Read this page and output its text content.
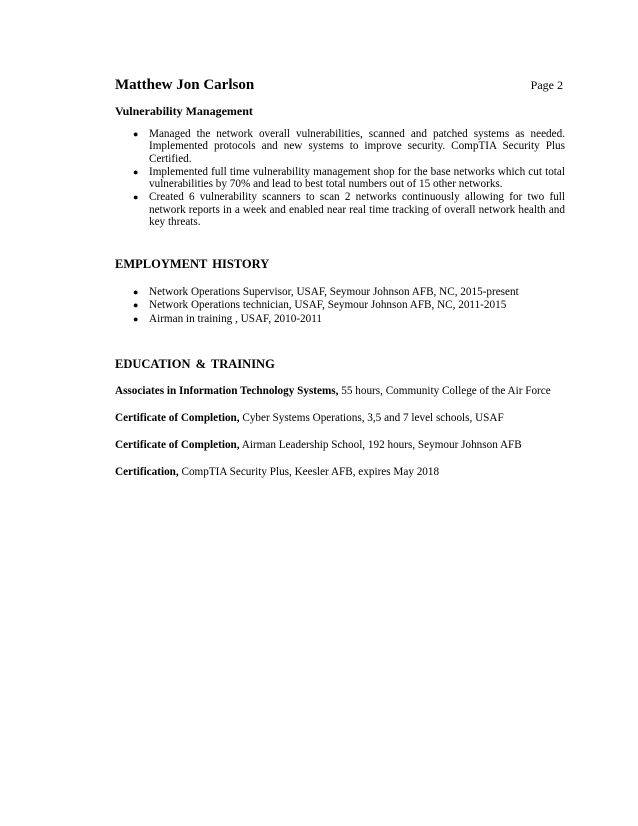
Matthew Jon Carlson	Page 2
Vulnerability Management
● Managed the network overall vulnerabilities, scanned and patched systems as needed. Implemented protocols and new systems to improve security. CompTIA Security Plus Certified.
● Implemented full time vulnerability management shop for the base networks which cut total vulnerabilities by 70% and lead to best total numbers out of 15 other networks.
● Created 6 vulnerability scanners to scan 2 networks continuously allowing for two full network reports in a week and enabled near real time tracking of overall network health and key threats.
EMPLOYMENT HISTORY
● Network Operations Supervisor, USAF, Seymour Johnson AFB, NC, 2015-present
● Network Operations technician, USAF, Seymour Johnson AFB, NC, 2011-2015
● Airman in training , USAF, 2010-2011
EDUCATION & TRAINING
Associates in Information Technology Systems, 55 hours, Community College of the Air Force
Certificate of Completion, Cyber Systems Operations, 3,5 and 7 level schools, USAF
Certificate of Completion, Airman Leadership School, 192 hours, Seymour Johnson AFB
Certification, CompTIA Security Plus, Keesler AFB, expires May 2018
